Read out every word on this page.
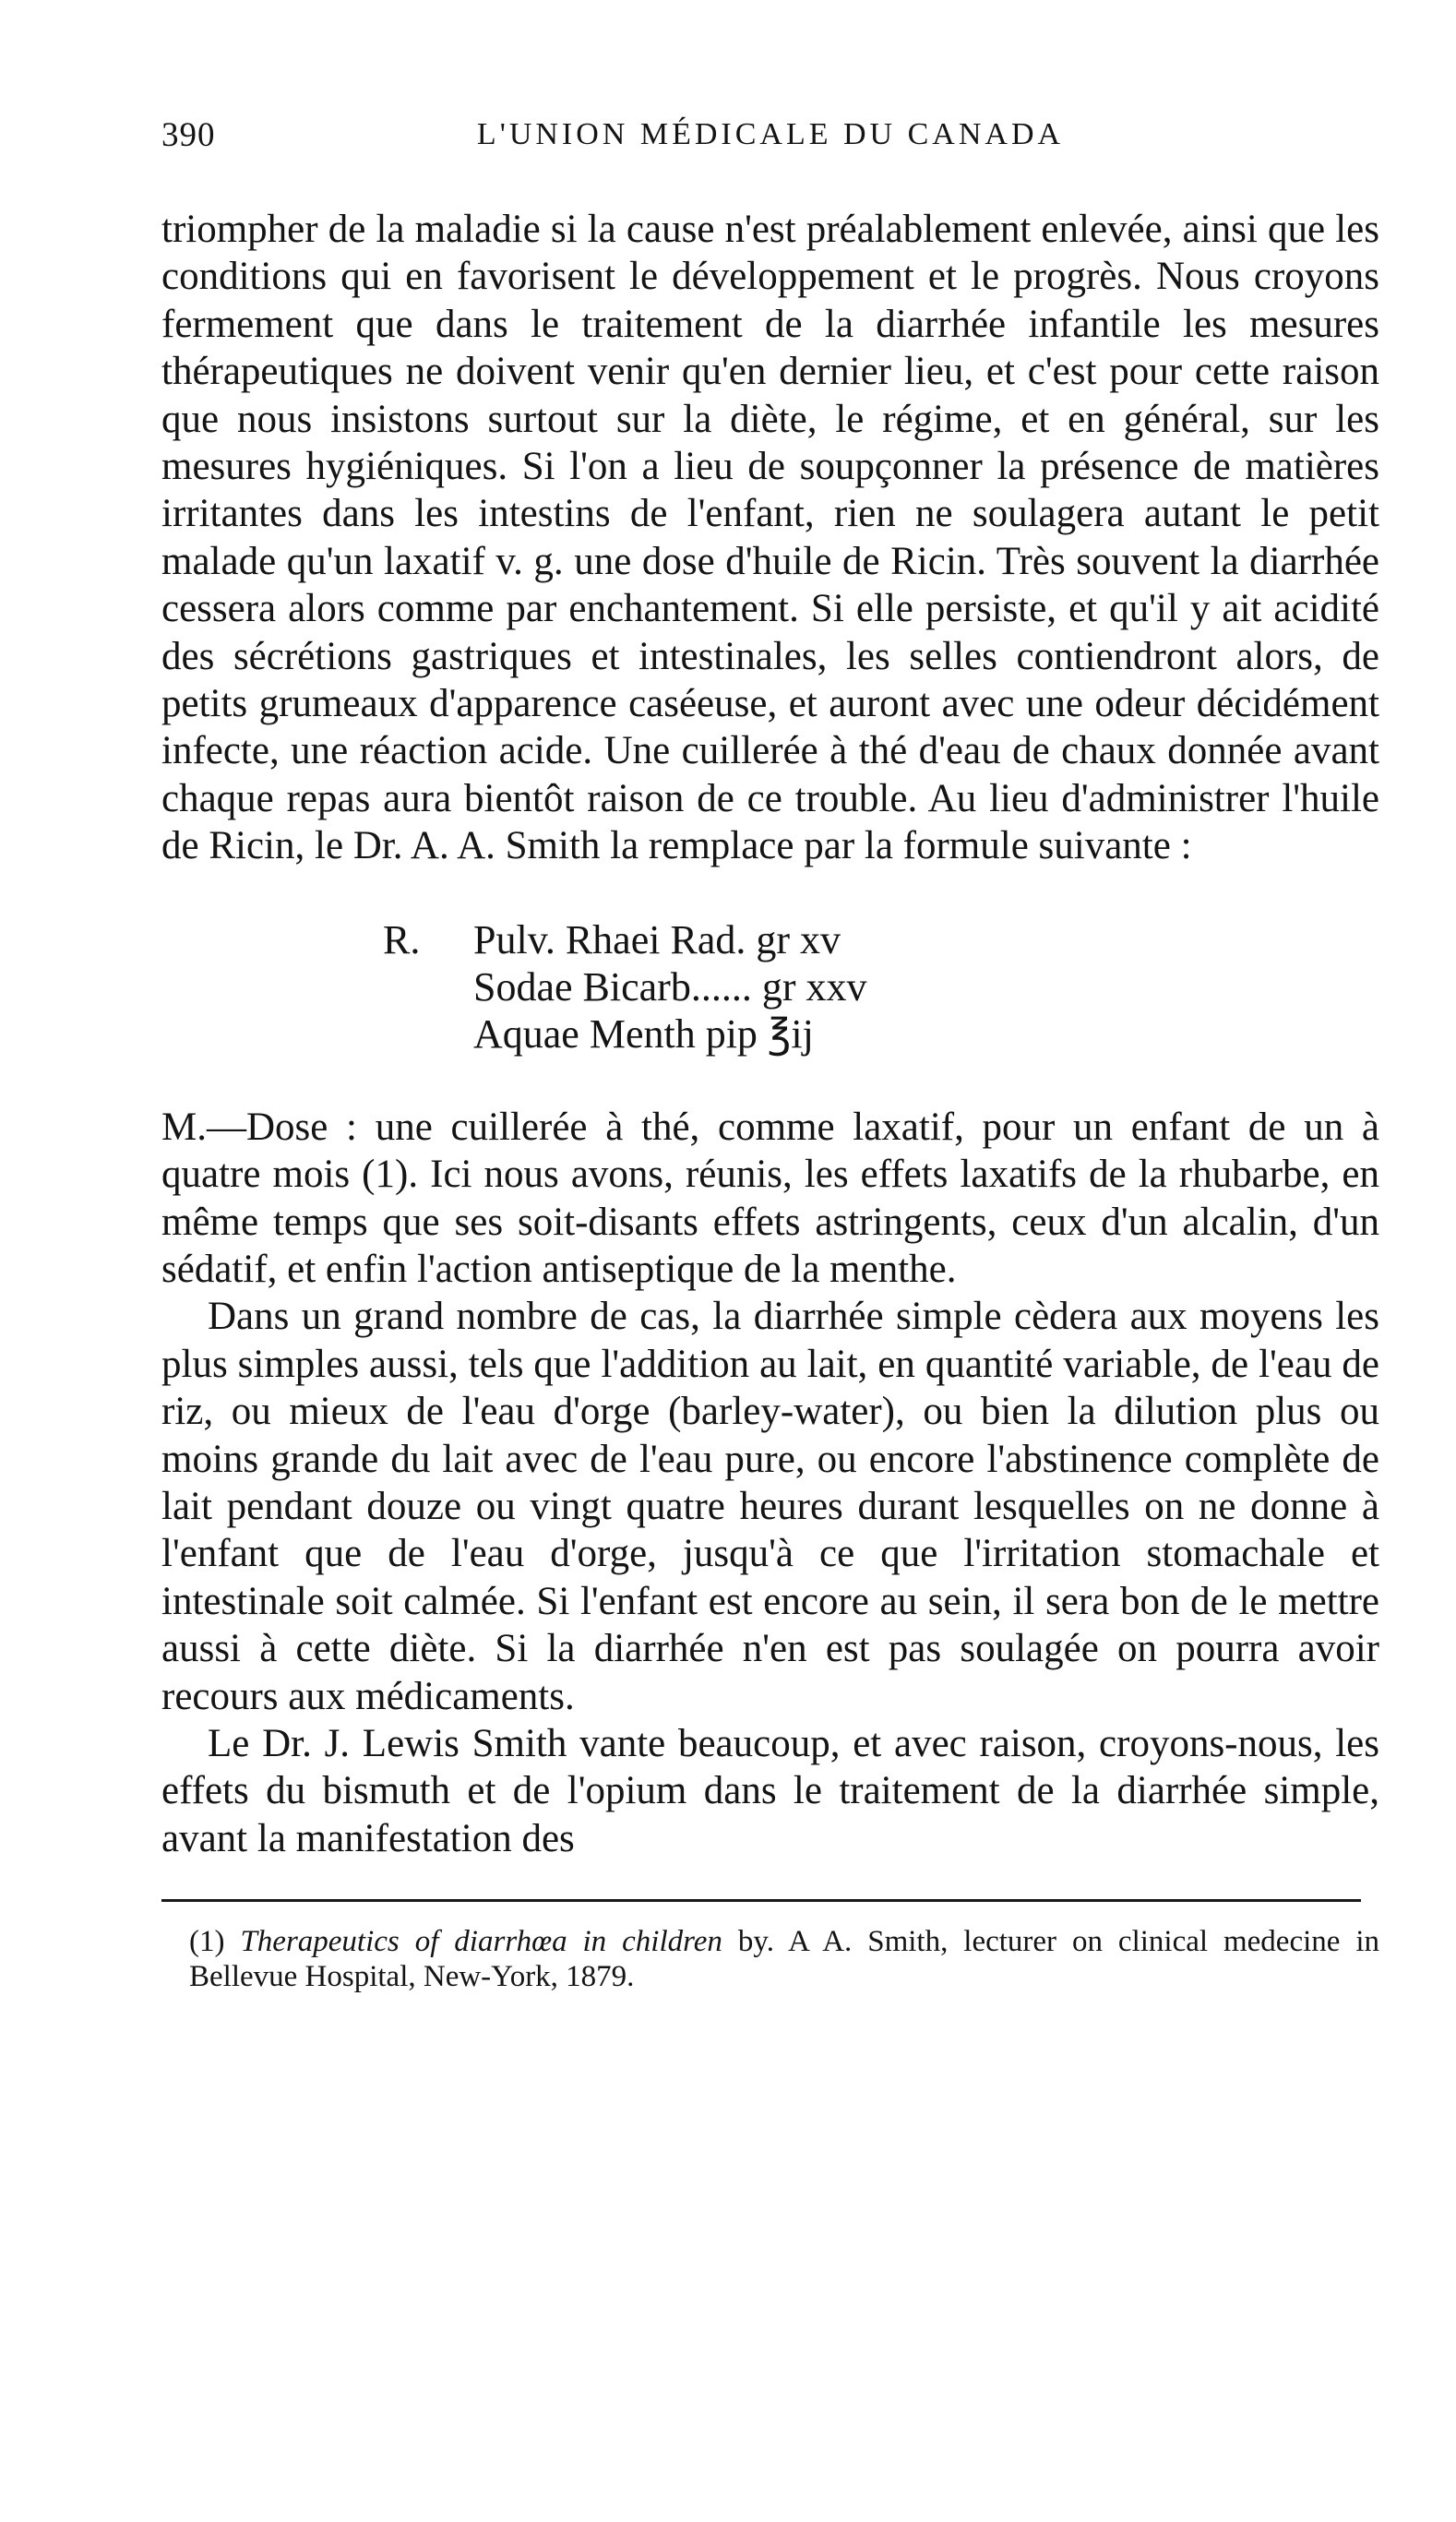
390	L'UNION MÉDICALE DU CANADA

triompher de la maladie si la cause n'est préalablement enlevée, ainsi que les conditions qui en favorisent le développement et le progrès. Nous croyons fermement que dans le traitement de la diarrhée infantile les mesures thérapeutiques ne doivent venir qu'en dernier lieu, et c'est pour cette raison que nous insistons surtout sur la diète, le régime, et en général, sur les mesures hygiéniques. Si l'on a lieu de soupçonner la présence de matières irritantes dans les intestins de l'enfant, rien ne soulagera autant le petit malade qu'un laxatif v. g. une dose d'huile de Ricin. Très souvent la diarrhée cessera alors comme par enchantement. Si elle persiste, et qu'il y ait acidité des sécrétions gastriques et intestinales, les selles contiendront alors, de petits grumeaux d'apparence caséeuse, et auront avec une odeur décidément infecte, une réaction acide. Une cuillerée à thé d'eau de chaux donnée avant chaque repas aura bientôt raison de ce trouble. Au lieu d'administrer l'huile de Ricin, le Dr. A. A. Smith la remplace par la formule suivante :

R.	Pulv. Rhaei Rad. gr xv
Sodae Bicarb...... gr xxv
Aquae Menth pip ℥ij

M.—Dose : une cuillerée à thé, comme laxatif, pour un enfant de un à quatre mois (1). Ici nous avons, réunis, les effets laxatifs de la rhubarbe, en même temps que ses soit-disants effets astringents, ceux d'un alcalin, d'un sédatif, et enfin l'action antiseptique de la menthe.

Dans un grand nombre de cas, la diarrhée simple cèdera aux moyens les plus simples aussi, tels que l'addition au lait, en quantité variable, de l'eau de riz, ou mieux de l'eau d'orge (barley-water), ou bien la dilution plus ou moins grande du lait avec de l'eau pure, ou encore l'abstinence complète de lait pendant douze ou vingt quatre heures durant lesquelles on ne donne à l'enfant que de l'eau d'orge, jusqu'à ce que l'irritation stomachale et intestinale soit calmée. Si l'enfant est encore au sein, il sera bon de le mettre aussi à cette diète. Si la diarrhée n'en est pas soulagée on pourra avoir recours aux médicaments.

Le Dr. J. Lewis Smith vante beaucoup, et avec raison, croyons-nous, les effets du bismuth et de l'opium dans le traitement de la diarrhée simple, avant la manifestation des

(1) Therapeutics of diarrhœa in children by. A A. Smith, lecturer on clinical medecine in Bellevue Hospital, New-York, 1879.
